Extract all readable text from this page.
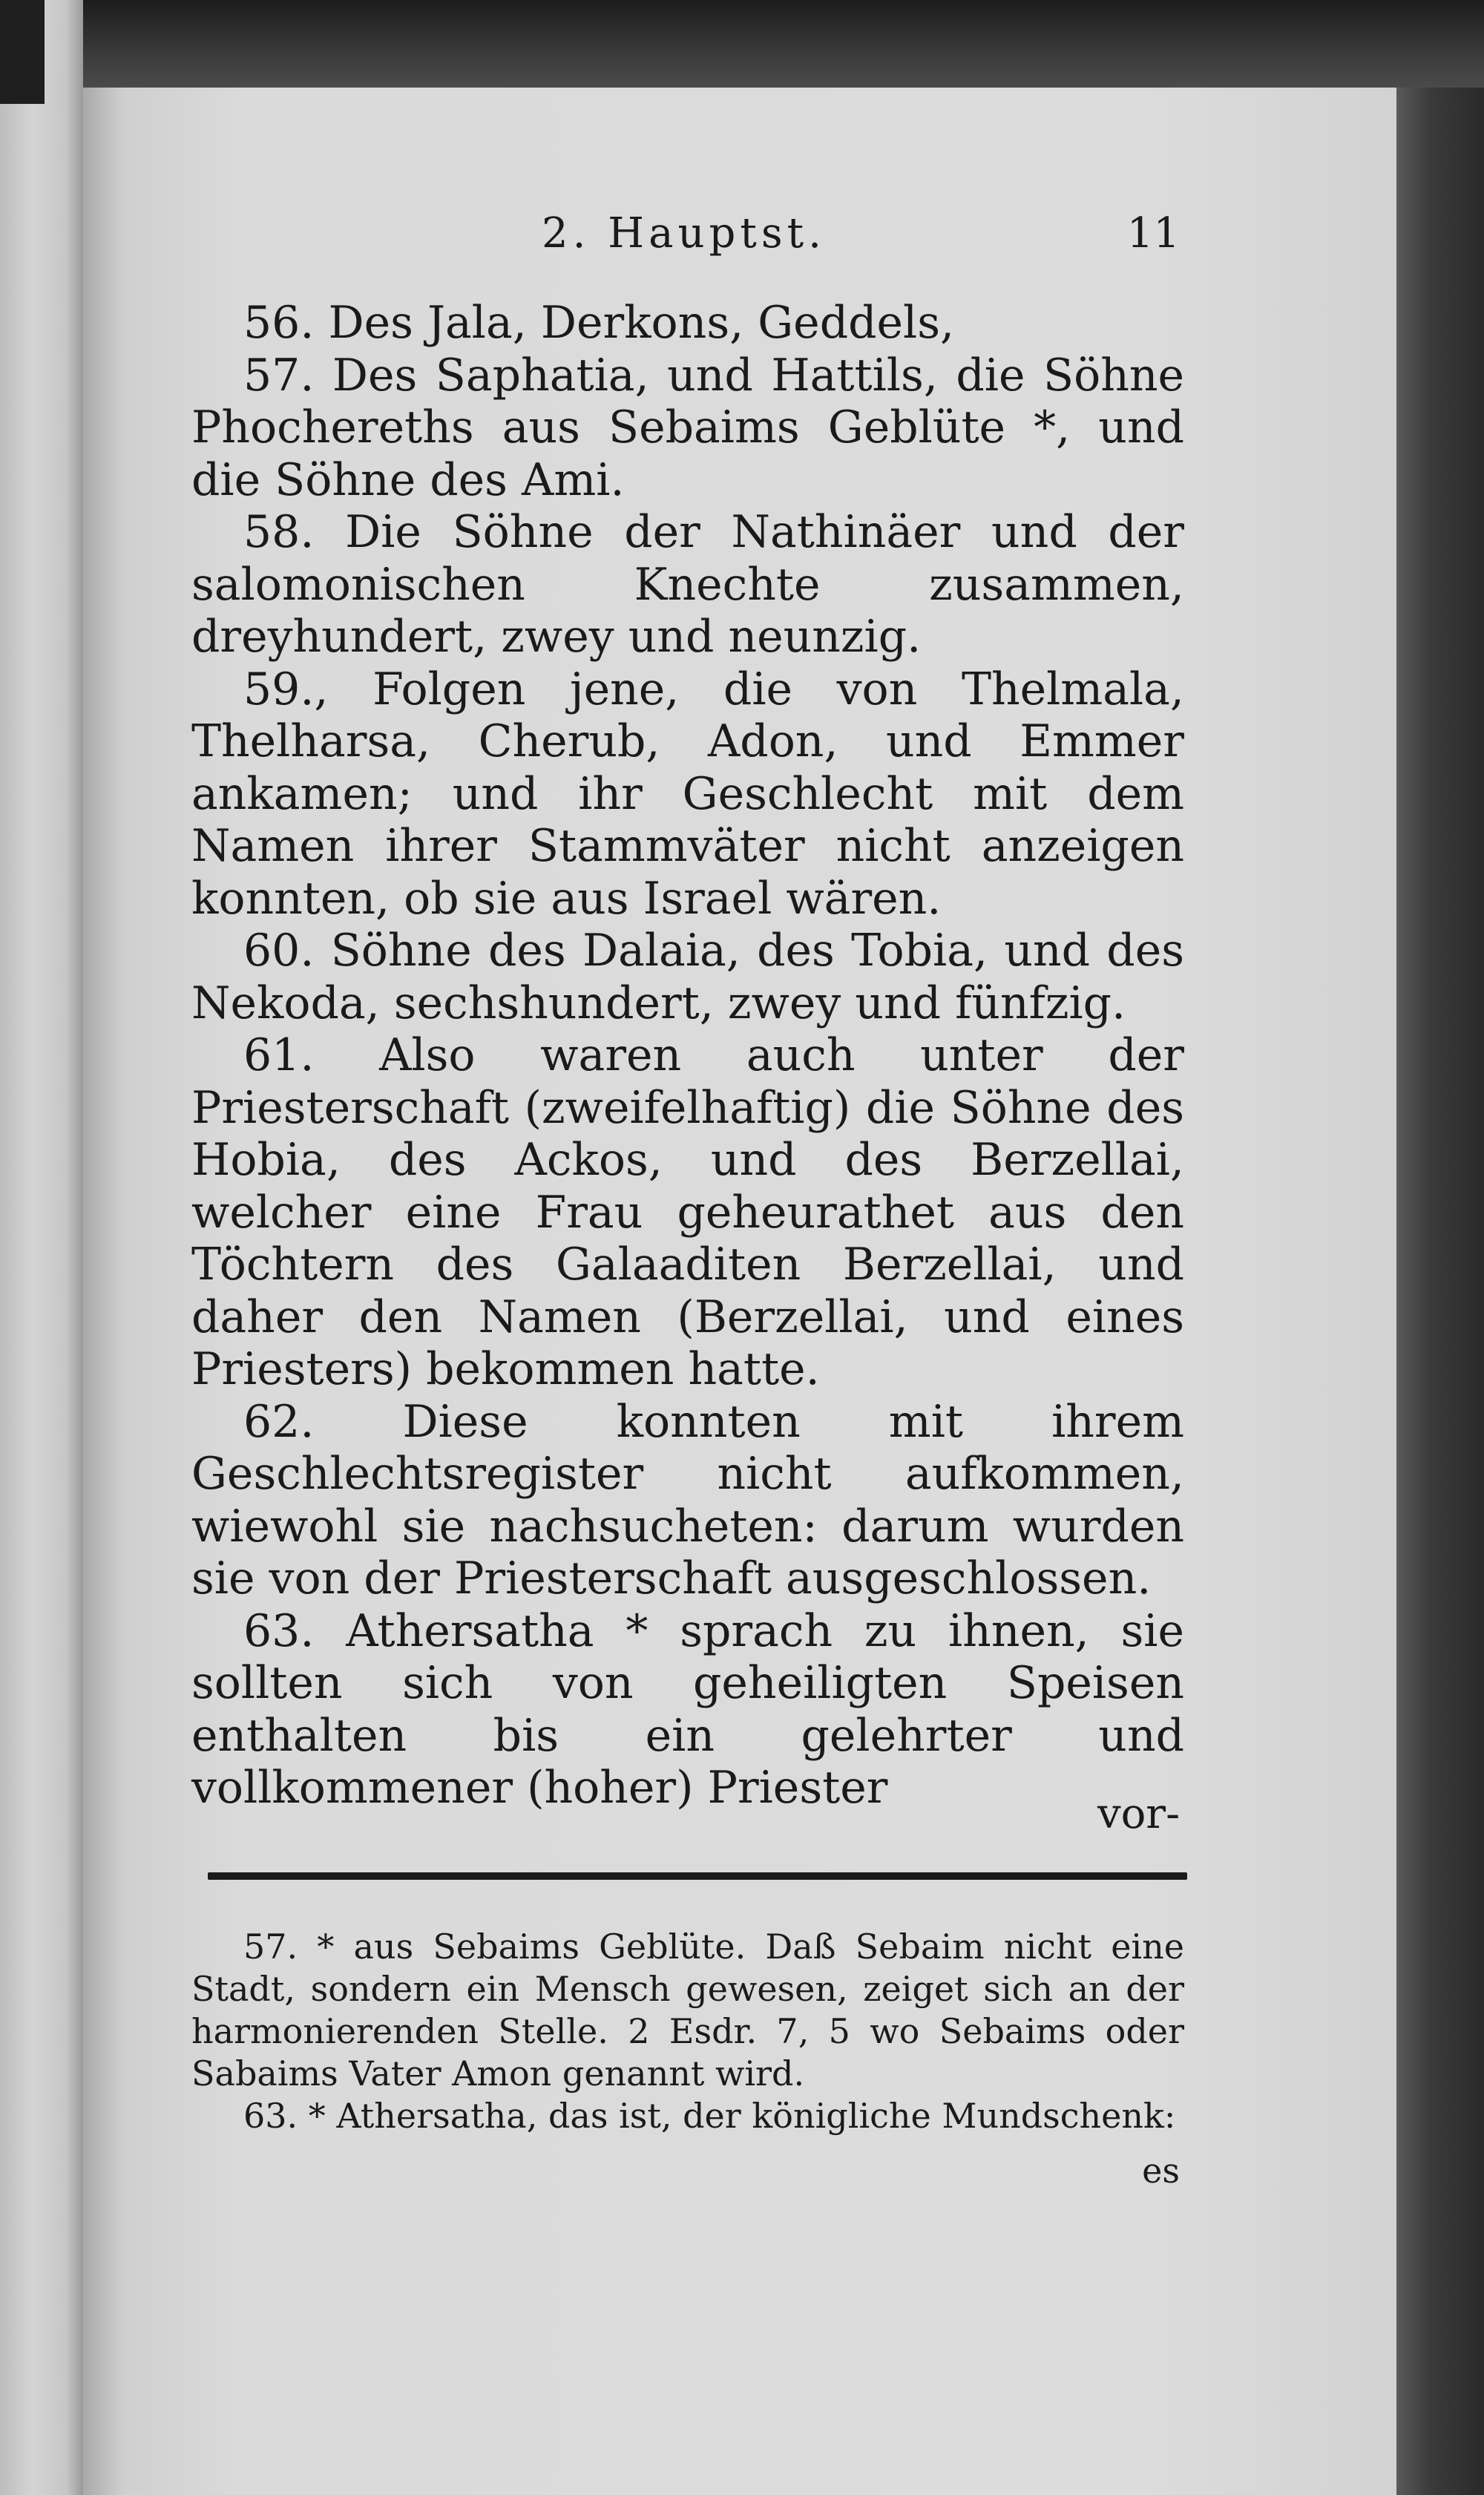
2. Hauptst.	11

56. Des Jala, Derkons, Geddels,

57. Des Saphatia, und Hattils, die Söhne Phochereths aus Sebaims Geblüte *, und die Söhne des Ami.

58. Die Söhne der Nathinäer und der salomonischen Knechte zusammen, dreyhundert, zwey und neunzig.

59., Folgen jene, die von Thelmala, Thelharsa, Cherub, Adon, und Emmer ankamen; und ihr Geschlecht mit dem Namen ihrer Stammväter nicht anzeigen konnten, ob sie aus Israel wären.

60. Söhne des Dalaia, des Tobia, und des Nekoda, sechshundert, zwey und fünfzig.

61. Also waren auch unter der Priesterschaft (zweifelhaftig) die Söhne des Hobia, des Ackos, und des Berzellai, welcher eine Frau geheurathet aus den Töchtern des Galaaditen Berzellai, und daher den Namen (Berzellai, und eines Priesters) bekommen hatte.

62. Diese konnten mit ihrem Geschlechtsregister nicht aufkommen, wiewohl sie nachsucheten: darum wurden sie von der Priesterschaft ausgeschlossen.

63. Athersatha * sprach zu ihnen, sie sollten sich von geheiligten Speisen enthalten bis ein gelehrter und vollkommener (hoher) Priester

vor-

57. * aus Sebaims Geblüte. Daß Sebaim nicht eine Stadt, sondern ein Mensch gewesen, zeiget sich an der harmonierenden Stelle. 2 Esdr. 7, 5 wo Sebaims oder Sabaims Vater Amon genannt wird.

63. * Athersatha, das ist, der königliche Mundschenk:

es
